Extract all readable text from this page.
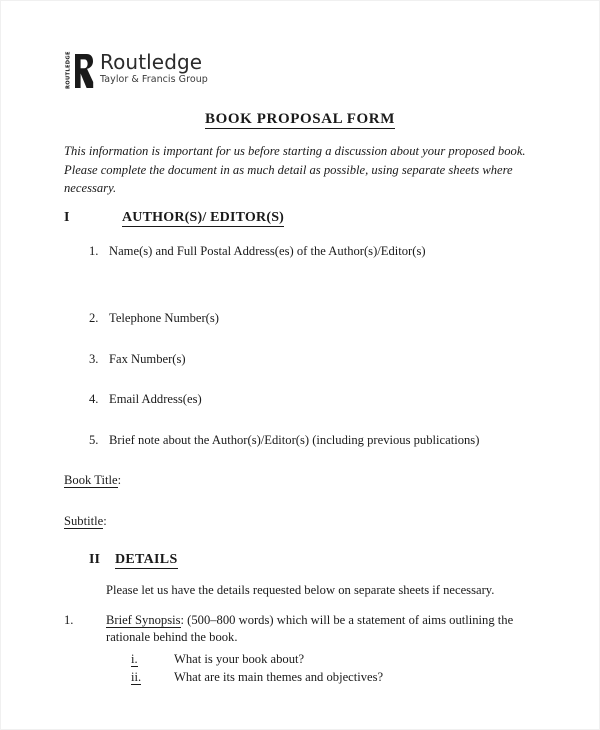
ROUTLEDGE Routledge
Taylor & Francis Group
BOOK PROPOSAL FORM
This information is important for us before starting a discussion about your proposed book. Please complete the document in as much detail as possible, using separate sheets where necessary.
I	AUTHOR(S)/ EDITOR(S)
1. Name(s) and Full Postal Address(es) of the Author(s)/Editor(s)
2. Telephone Number(s)
3. Fax Number(s)
4. Email Address(es)
5. Brief note about the Author(s)/Editor(s) (including previous publications)
Book Title:
Subtitle:
II	DETAILS
Please let us have the details requested below on separate sheets if necessary.
1.	Brief Synopsis: (500–800 words) which will be a statement of aims outlining the rationale behind the book.
i.	What is your book about?
ii.	What are its main themes and objectives?
